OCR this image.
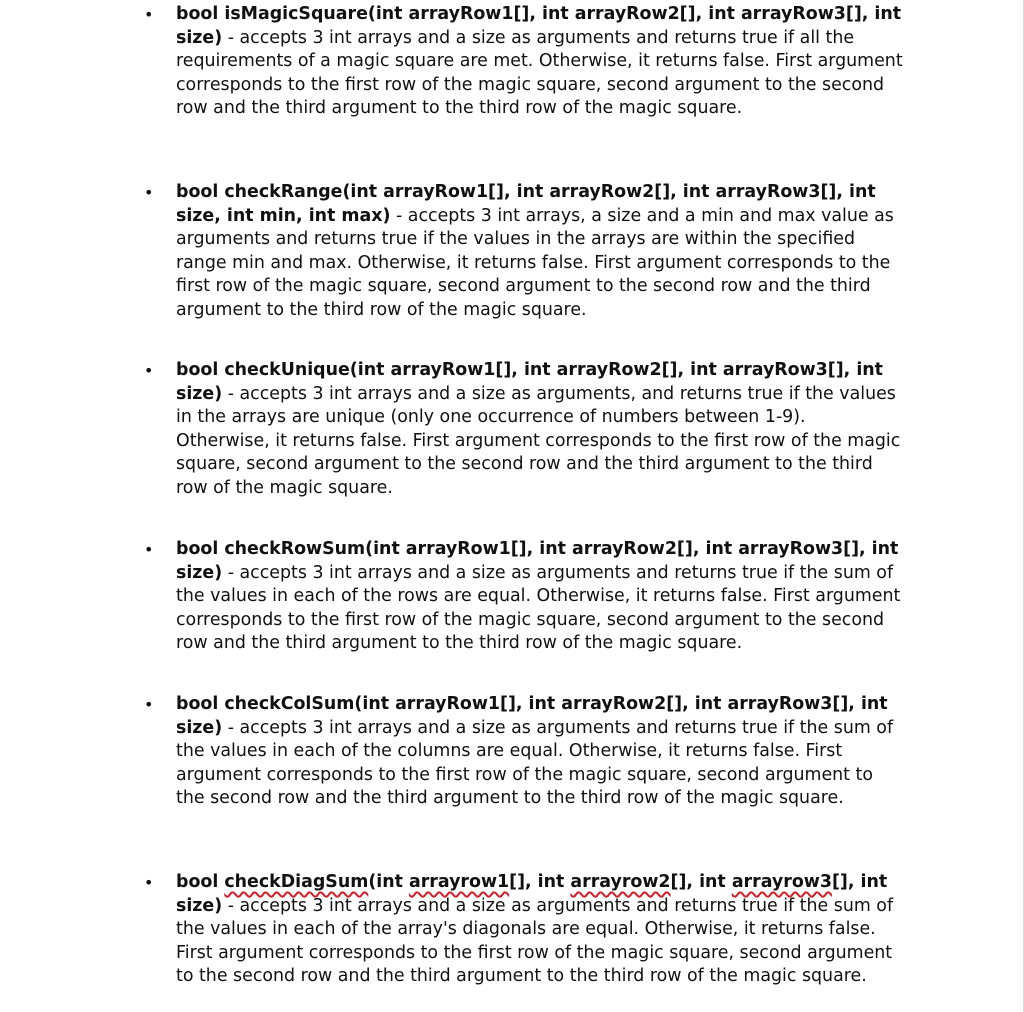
• bool isMagicSquare(int arrayRow1[], int arrayRow2[], int arrayRow3[], int size) - accepts 3 int arrays and a size as arguments and returns true if all the requirements of a magic square are met. Otherwise, it returns false. First argument corresponds to the first row of the magic square, second argument to the second row and the third argument to the third row of the magic square.
• bool checkRange(int arrayRow1[], int arrayRow2[], int arrayRow3[], int size, int min, int max) - accepts 3 int arrays, a size and a min and max value as arguments and returns true if the values in the arrays are within the specified range min and max. Otherwise, it returns false. First argument corresponds to the first row of the magic square, second argument to the second row and the third argument to the third row of the magic square.
• bool checkUnique(int arrayRow1[], int arrayRow2[], int arrayRow3[], int size) - accepts 3 int arrays and a size as arguments, and returns true if the values in the arrays are unique (only one occurrence of numbers between 1-9). Otherwise, it returns false. First argument corresponds to the first row of the magic square, second argument to the second row and the third argument to the third row of the magic square.
• bool checkRowSum(int arrayRow1[], int arrayRow2[], int arrayRow3[], int size) - accepts 3 int arrays and a size as arguments and returns true if the sum of the values in each of the rows are equal. Otherwise, it returns false. First argument corresponds to the first row of the magic square, second argument to the second row and the third argument to the third row of the magic square.
• bool checkColSum(int arrayRow1[], int arrayRow2[], int arrayRow3[], int size) - accepts 3 int arrays and a size as arguments and returns true if the sum of the values in each of the columns are equal. Otherwise, it returns false. First argument corresponds to the first row of the magic square, second argument to the second row and the third argument to the third row of the magic square.
• bool checkDiagSum(int arrayrow1[], int arrayrow2[], int arrayrow3[], int size) - accepts 3 int arrays and a size as arguments and returns true if the sum of the values in each of the array's diagonals are equal. Otherwise, it returns false. First argument corresponds to the first row of the magic square, second argument to the second row and the third argument to the third row of the magic square.
